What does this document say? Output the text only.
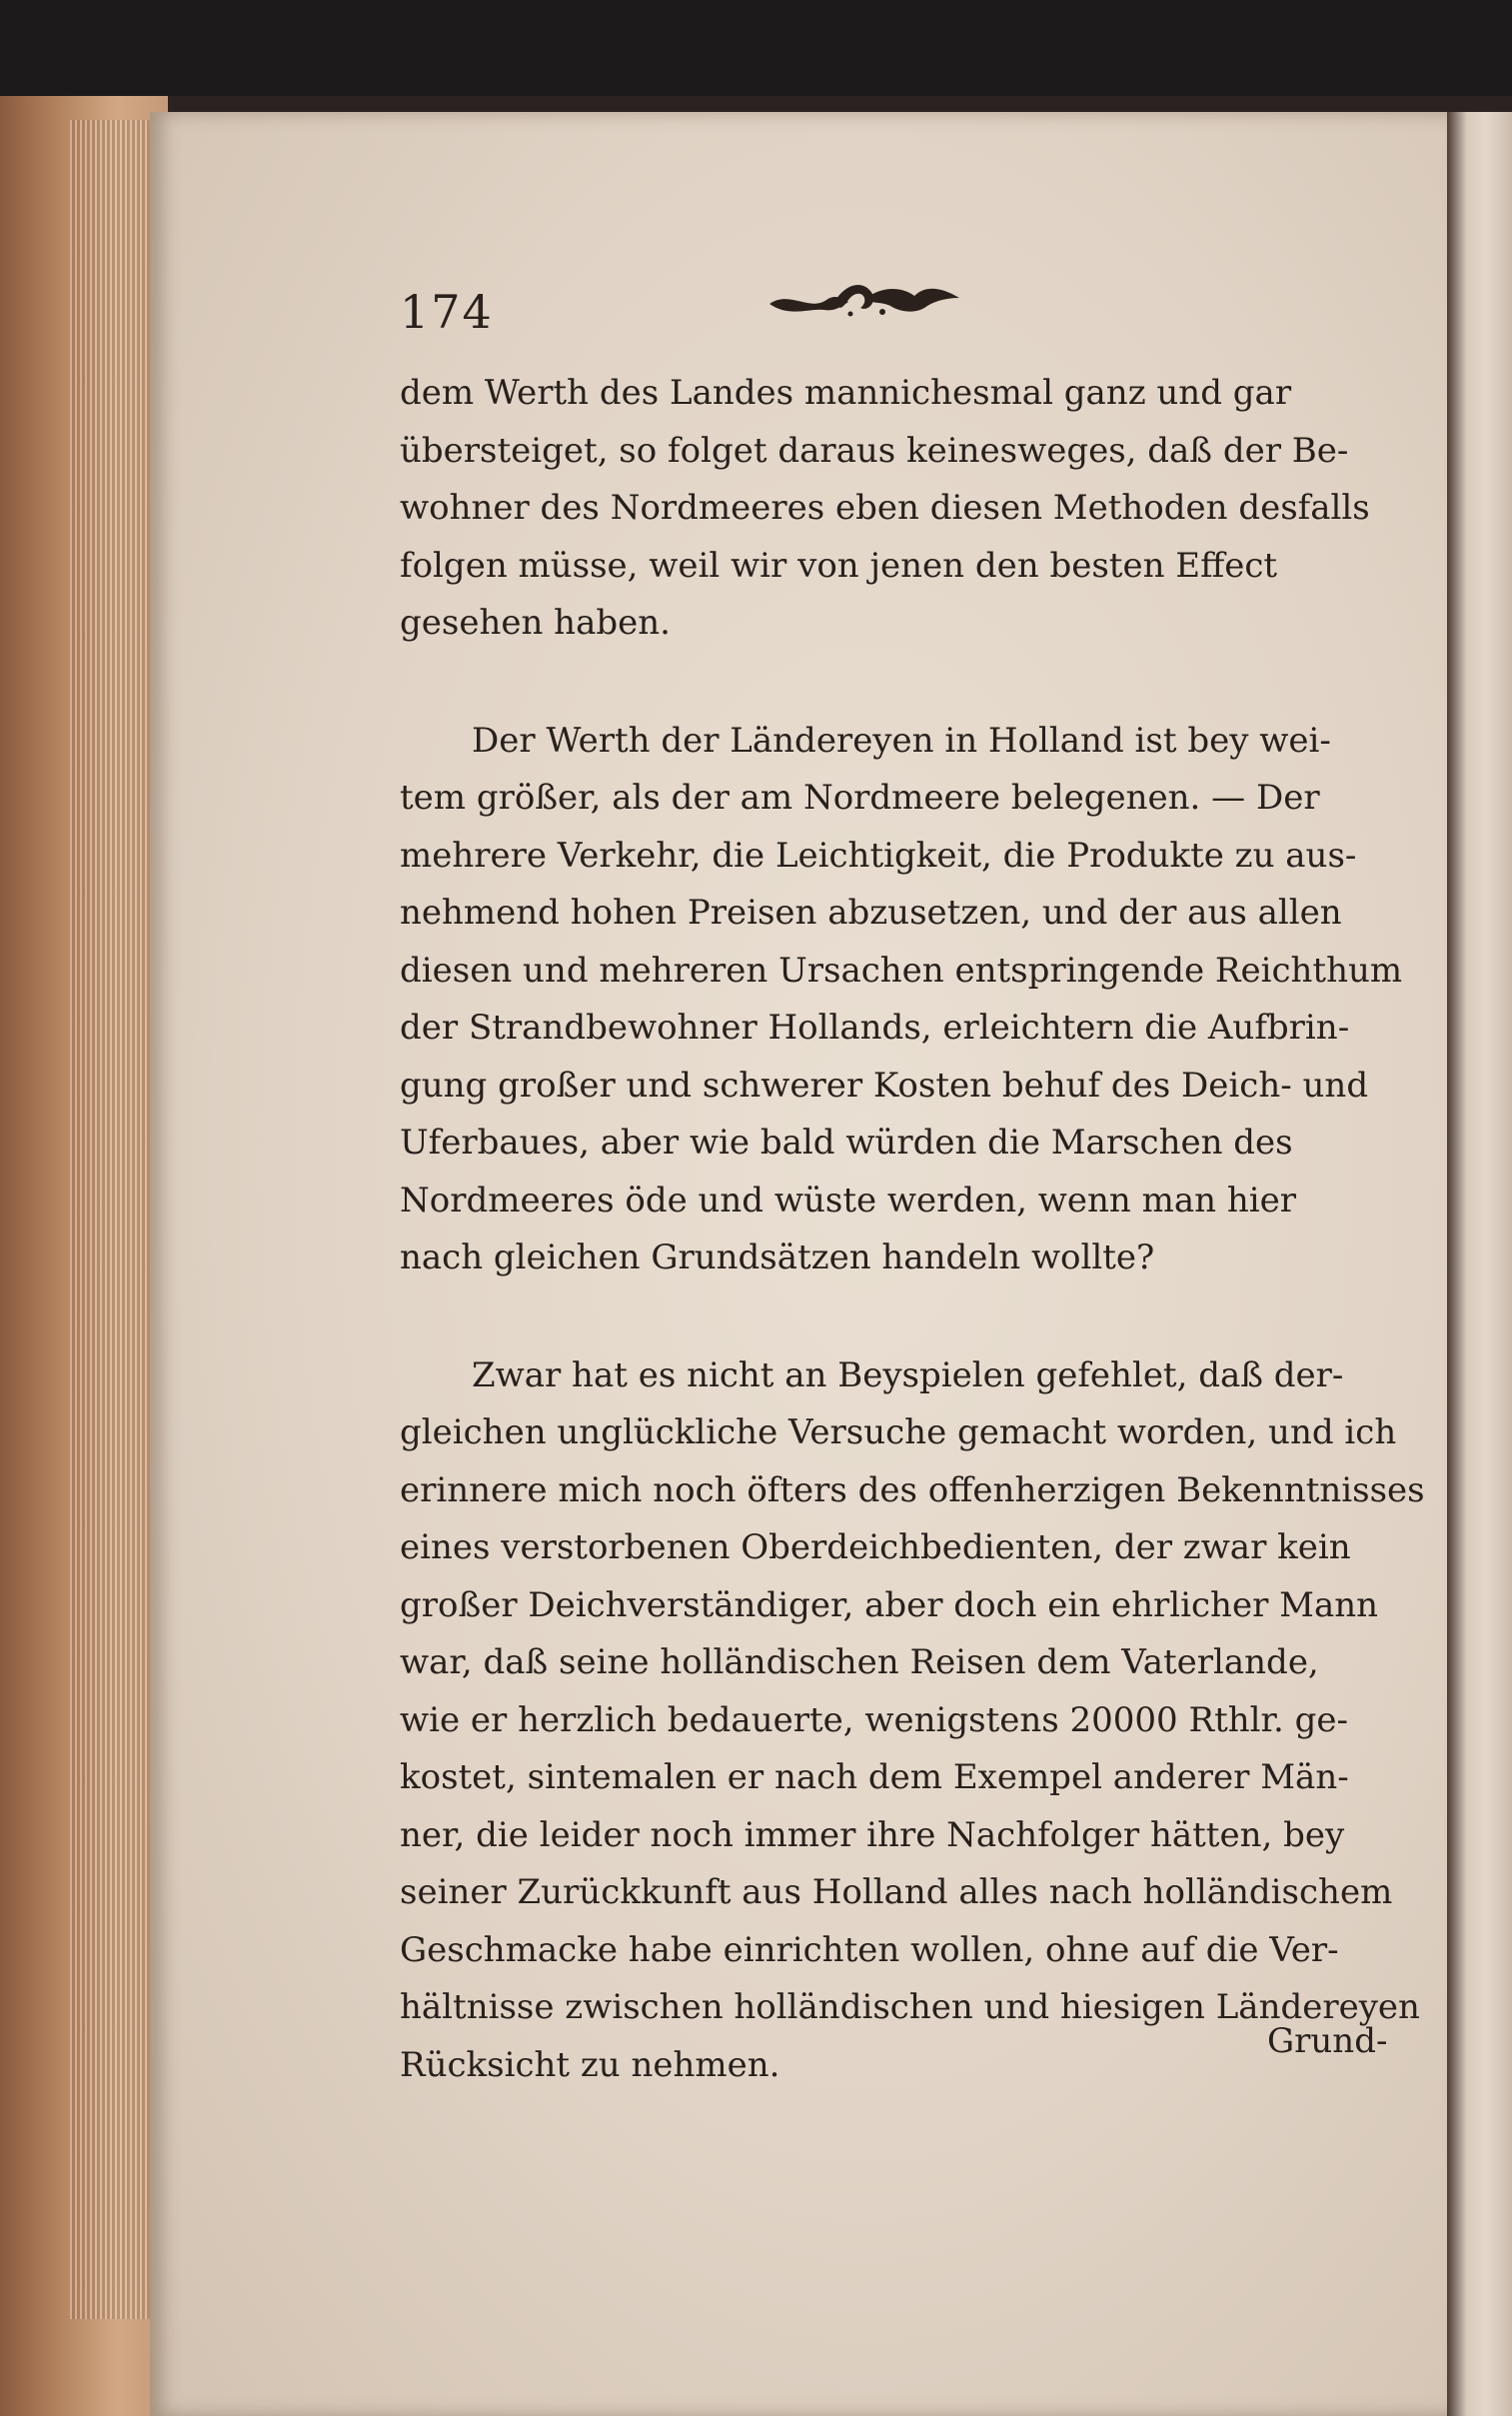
174
dem Werth des Landes mannichesmal ganz und gar
übersteiget, so folget daraus keinesweges, daß der Be-
wohner des Nordmeeres eben diesen Methoden desfalls
folgen müsse, weil wir von jenen den besten Effect
gesehen haben.
Der Werth der Ländereyen in Holland ist bey wei-
tem größer, als der am Nordmeere belegenen. — Der
mehrere Verkehr, die Leichtigkeit, die Produkte zu aus-
nehmend hohen Preisen abzusetzen, und der aus allen
diesen und mehreren Ursachen entspringende Reichthum
der Strandbewohner Hollands, erleichtern die Aufbrin-
gung großer und schwerer Kosten behuf des Deich- und
Uferbaues, aber wie bald würden die Marschen des
Nordmeeres öde und wüste werden, wenn man hier
nach gleichen Grundsätzen handeln wollte?
Zwar hat es nicht an Beyspielen gefehlet, daß der-
gleichen unglückliche Versuche gemacht worden, und ich
erinnere mich noch öfters des offenherzigen Bekenntnisses
eines verstorbenen Oberdeichbedienten, der zwar kein
großer Deichverständiger, aber doch ein ehrlicher Mann
war, daß seine holländischen Reisen dem Vaterlande,
wie er herzlich bedauerte, wenigstens 20000 Rthlr. ge-
kostet, sintemalen er nach dem Exempel anderer Män-
ner, die leider noch immer ihre Nachfolger hätten, bey
seiner Zurückkunft aus Holland alles nach holländischem
Geschmacke habe einrichten wollen, ohne auf die Ver-
hältnisse zwischen holländischen und hiesigen Ländereyen
Rücksicht zu nehmen.
Grund-
